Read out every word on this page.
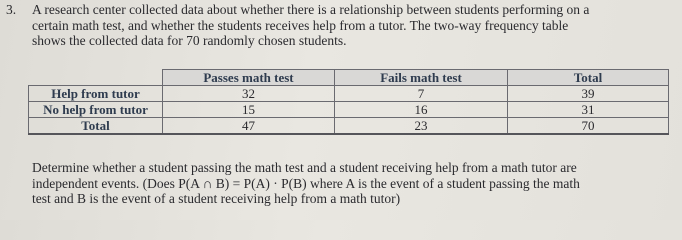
3. A research center collected data about whether there is a relationship between students performing on a
certain math test, and whether the students receives help from a tutor. The two-way frequency table
shows the collected data for 70 randomly chosen students.
	Passes math test	Fails math test	Total
Help from tutor	32	7	39
No help from tutor	15	16	31
Total	47	23	70
Determine whether a student passing the math test and a student receiving help from a math tutor are
independent events. (Does P(A ∩ B) = P(A) · P(B) where A is the event of a student passing the math
test and B is the event of a student receiving help from a math tutor)
